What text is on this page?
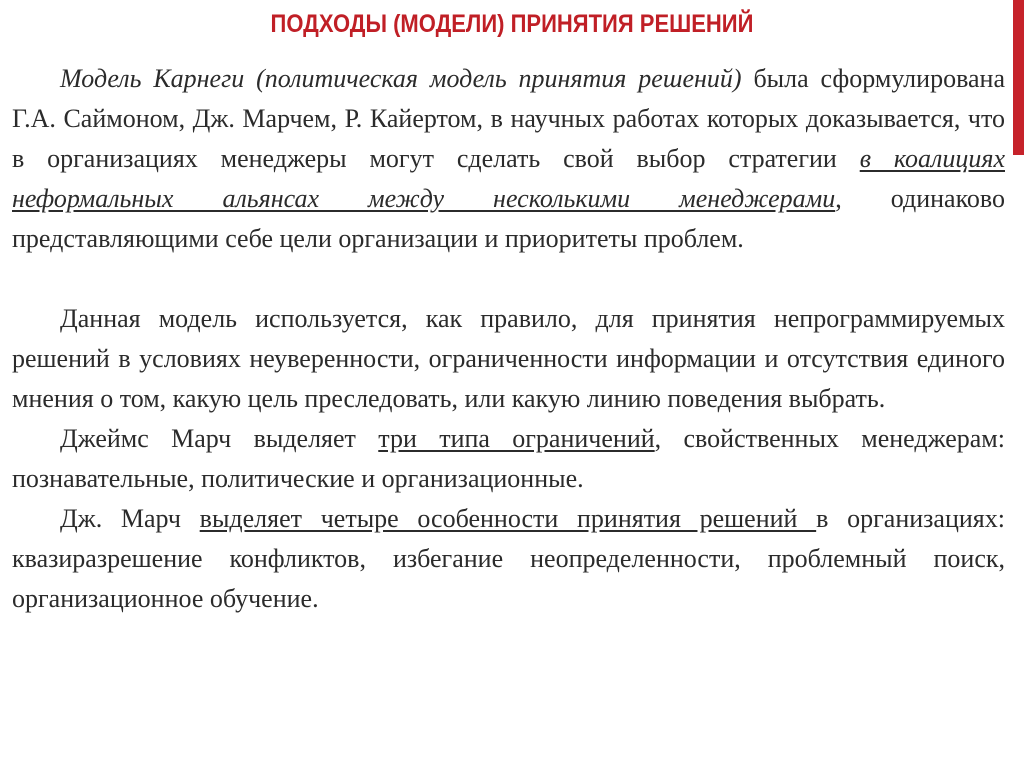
ПОДХОДЫ (МОДЕЛИ) ПРИНЯТИЯ РЕШЕНИЙ

Модель Карнеги (политическая модель принятия решений) была сформулирована Г.А. Саймоном, Дж. Марчем, Р. Кайертом, в научных работах которых доказывается, что в организациях менеджеры могут сделать свой выбор стратегии в коалициях неформальных альянсах между несколькими менеджерами, одинаково представляющими себе цели организации и приоритеты проблем.

Данная модель используется, как правило, для принятия непрограммируемых решений в условиях неуверенности, ограниченности информации и отсутствия единого мнения о том, какую цель преследовать, или какую линию поведения выбрать.

Джеймс Марч выделяет три типа ограничений, свойственных менеджерам: познавательные, политические и организационные.

Дж. Марч выделяет четыре особенности принятия решений в организациях: квазиразрешение конфликтов, избегание неопределенности, проблемный поиск, организационное обучение.
